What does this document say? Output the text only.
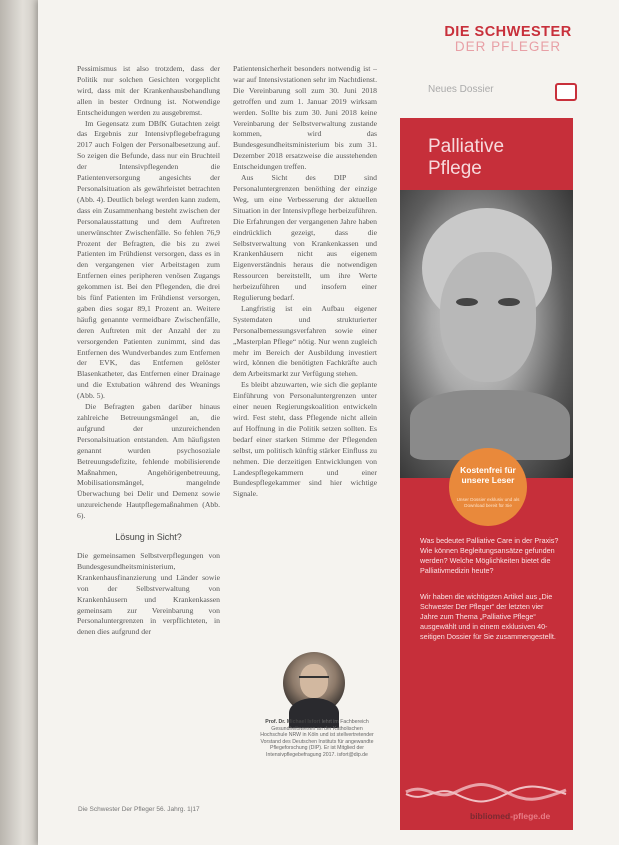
Pessimismus ist also trotzdem, dass der Politik nur solchen Gesichten vorgeplicht wird, dass mit der Krankenhausbehandlung allen in bester Ordnung ist. Notwendige Entscheidungen werden zu ausgebremst.

Im Gegensatz zum DBfK Gutachten zeigt das Ergebnis zur Intensivpflegebefragung 2017 auch Folgen der Personalbesetzung auf. So zeigen die Befunde, dass nur ein Bruchteil der Intensivpflegenden die Patientenversorgung angesichts der Personalsituation als gewährleistet betrachten (Abb. 4). Deutlich belegt werden kann zudem, dass ein Zusammenhang besteht zwischen der Personalausstattung und dem Auftreten unerwünschter Zwischenfälle. So fehlen 76,9 Prozent der Befragten, die bis zu zwei Patienten im Frühdienst versorgen, dass es in den vergangenen vier Arbeitstagen zum Entfernen eines peripheren venösen Zugangs gekommen ist. Bei den Pflegenden, die drei bis fünf Patienten im Frühdienst versorgen, gaben dies sogar 89,1 Prozent an. Weitere häufig genannte vermeidbare Zwischenfälle, deren Auftreten mit der Anzahl der zu versorgenden Patienten zunimmt, sind das Entfernen des Wundverbandes zum Entfernen der EVK, das Entfernen gelöster Blasenkatheter, das Entfernen einer Drainage und die Extubation während des Weanings (Abb. 5).

Die Befragten gaben darüber hinaus zahlreiche Betreuungsmängel an, die aufgrund der unzureichenden Personalsituation entstanden. Am häufigsten genannt wurden psychosoziale Betreuungsdefizite, fehlende mobilisierende Maßnahmen, Angehörigenbetreuung, Mobilisationsmängel, mangelnde Überwachung bei Delir und Demenz sowie unzureichende Hautpflegemaßnahmen (Abb. 6).

Lösung in Sicht?

Die gemeinsamen Selbstverpflegungen von Bundesgesundheitsministerium, Krankenhausfinanzierung und Länder sowie von der Selbstverwaltung von Krankenhäusern und Krankenkassen gemeinsam zur Vereinbarung von Personaluntergrenzen in verpflichteten, in denen dies aufgrund der

Patientensicherheit besonders notwendig ist – war auf Intensivstationen sehr im Nachtdienst. Die Vereinbarung soll zum 30. Juni 2018 getroffen und zum 1. Januar 2019 wirksam werden. Sollte bis zum 30. Juni 2018 keine Vereinbarung der Selbstverwaltung zustande kommen, wird das Bundesgesundheitsministerium bis zum 31. Dezember 2018 ersatzweise die ausstehenden Entscheidungen treffen.

Aus Sicht des DIP sind Personaluntergrenzen benöthing der einzige Weg, um eine Verbesserung der aktuellen Situation in der Intensivpflege herbeizuführen. Die Erfahrungen der vergangenen Jahre haben eindrücklich gezeigt, dass die Selbstverwaltung von Krankenkassen und Krankenhäusern nicht aus eigenem Eigenverständnis heraus die notwendigen Ressourcen bereitstellt, um ihre Werte herbeizuführen und insofern einer Regulierung bedarf.

Langfristig ist ein Aufbau eigener Systemdaten und strukturierter Personalbemessungsverfahren sowie einer „Masterplan Pflege“ nötig. Nur wenn zugleich mehr im Bereich der Ausbildung investiert wird, können die benötigten Fachkräfte auch dem Arbeitsmarkt zur Verfügung stehen.

Es bleibt abzuwarten, wie sich die geplante Einführung von Personaluntergrenzen unter einer neuen Regierungskoalition entwickeln wird. Fest steht, dass Pflegende nicht allein auf Hoffnung in die Politik setzen sollten. Es bedarf einer starken Stimme der Pflegenden selbst, um politisch künftig stärker Einfluss zu nehmen. Die derzeitigen Entwicklungen von Landespflegekammern und einer Bundespflegekammer sind hier wichtige Signale.

Prof. Dr. Michael Isfort lehrt im Fachbereich Gesundheitswesen an der Katholischen Hochschule NRW in Köln und ist stellvertretender Vorstand des Deutschen Instituts für angewandte Pflegeforschung (DIP). Er ist Mitglied der Intensivpflegebefragung 2017. isfort@dip.de
Die Schwester Der Pfleger 56. Jahrg. 1|17
DIE SCHWESTER
DER PFLEGER
Neues Dossier
Palliative Pflege
Kostenfrei für unsere Leser
Unser Dossier exklusiv und als Download bereit für Sie
Was bedeutet Palliative Care in der Praxis? Wie können Begleitungsansätze gefunden werden? Welche Möglichkeiten bietet die Palliativmedizin heute?
Wir haben die wichtigsten Artikel aus „Die Schwester Der Pfleger“ der letzten vier Jahre zum Thema „Palliative Pflege“ ausgewählt und in einem exklusiven 40-seitigen Dossier für Sie zusammengestellt.
bibliomed-pflege.de
